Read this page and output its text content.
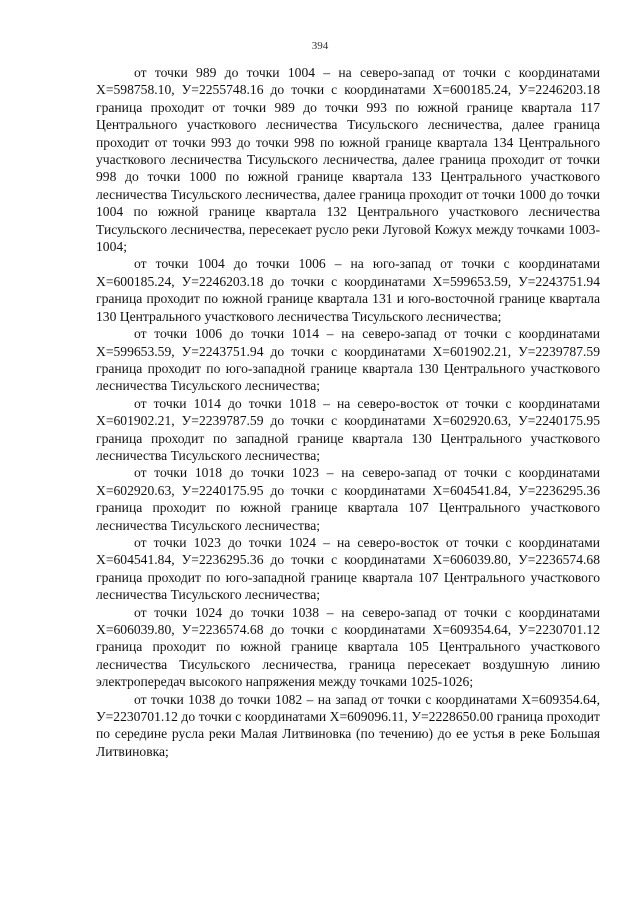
394

от точки 989 до точки 1004 – на северо-запад от точки с координатами Х=598758.10, У=2255748.16 до точки с координатами Х=600185.24, У=2246203.18 граница проходит от точки 989 до точки 993 по южной границе квартала 117 Центрального участкового лесничества Тисульского лесничества, далее граница проходит от точки 993 до точки 998 по южной границе квартала 134 Центрального участкового лесничества Тисульского лесничества, далее граница проходит от точки 998 до точки 1000 по южной границе квартала 133 Центрального участкового лесничества Тисульского лесничества, далее граница проходит от точки 1000 до точки 1004 по южной границе квартала 132 Центрального участкового лесничества Тисульского лесничества, пересекает русло реки Луговой Кожух между точками 1003-1004;

от точки 1004 до точки 1006 – на юго-запад от точки с координатами Х=600185.24, У=2246203.18 до точки с координатами Х=599653.59, У=2243751.94 граница проходит по южной границе квартала 131 и юго-восточной границе квартала 130 Центрального участкового лесничества Тисульского лесничества;

от точки 1006 до точки 1014 – на северо-запад от точки с координатами Х=599653.59, У=2243751.94 до точки с координатами Х=601902.21, У=2239787.59 граница проходит по юго-западной границе квартала 130 Центрального участкового лесничества Тисульского лесничества;

от точки 1014 до точки 1018 – на северо-восток от точки с координатами Х=601902.21, У=2239787.59 до точки с координатами Х=602920.63, У=2240175.95 граница проходит по западной границе квартала 130 Центрального участкового лесничества Тисульского лесничества;

от точки 1018 до точки 1023 – на северо-запад от точки с координатами Х=602920.63, У=2240175.95 до точки с координатами Х=604541.84, У=2236295.36 граница проходит по южной границе квартала 107 Центрального участкового лесничества Тисульского лесничества;

от точки 1023 до точки 1024 – на северо-восток от точки с координатами Х=604541.84, У=2236295.36 до точки с координатами Х=606039.80, У=2236574.68 граница проходит по юго-западной границе квартала 107 Центрального участкового лесничества Тисульского лесничества;

от точки 1024 до точки 1038 – на северо-запад от точки с координатами Х=606039.80, У=2236574.68 до точки с координатами Х=609354.64, У=2230701.12 граница проходит по южной границе квартала 105 Центрального участкового лесничества Тисульского лесничества, граница пересекает воздушную линию электропередач высокого напряжения между точками 1025-1026;

от точки 1038 до точки 1082 – на запад от точки с координатами Х=609354.64, У=2230701.12 до точки с координатами Х=609096.11, У=2228650.00 граница проходит по середине русла реки Малая Литвиновка (по течению) до ее устья в реке Большая Литвиновка;
